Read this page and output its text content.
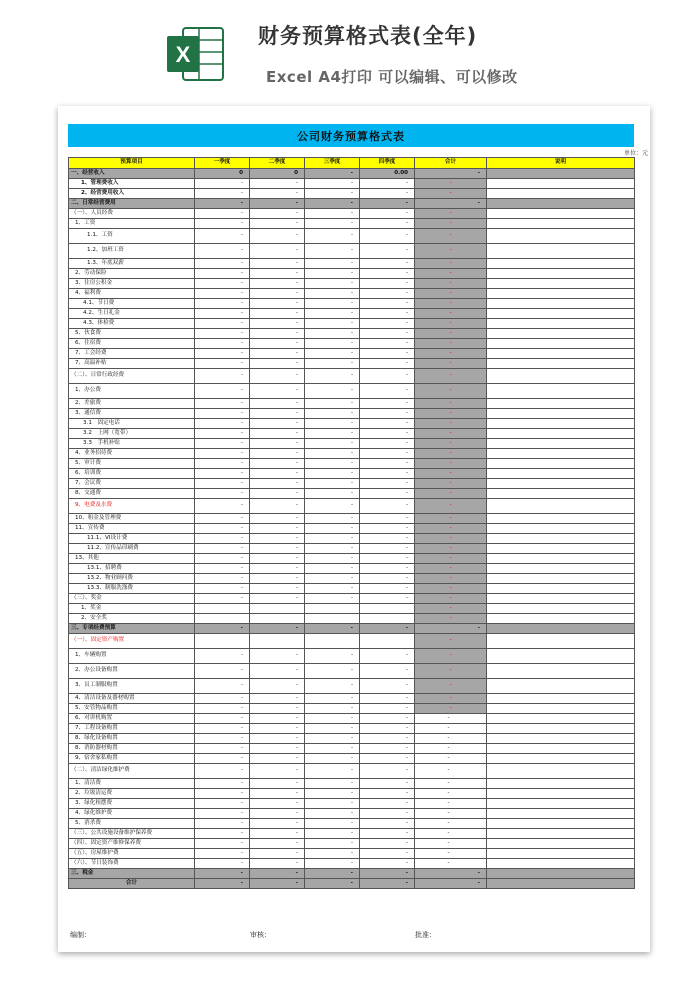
X
财务预算格式表(全年)
Excel A4打印 可以编辑、可以修改
公司财务预算格式表
单位：元
预算项目	一季度	二季度	三季度	四季度	合计	说明
一、经营收入	0	0	-	0.00	-	
1、管理费收入	-	-	-	-	-	
2、经营费用收入	-	-	-	-	-	
二、日常经营费用	-	-	-	-	-	
（一）、人员经费	-	-	-	-	-	
1、工资	-	-	-	-	-	
1.1、工资	-	-	-	-	-	
1.2、加班工资	-	-	-	-	-	
1.3、年底双薪	-	-	-	-	-	
2、劳动保险	-	-	-	-	-	
3、住房公积金	-	-	-	-	-	
4、福利费	-	-	-	-	-	
4.1、节日费	-	-	-	-	-	
4.2、生日礼金	-	-	-	-	-	
4.3、体检费	-	-	-	-	-	
5、伙食费	-	-	-	-	-	
6、住宿费	-	-	-	-	-	
7、工会经费	-	-	-	-	-	
7、高温补贴	-	-	-	-	-	
（二）、日常行政经费	-	-	-	-	-	
1、办公费	-	-	-	-	-	
2、差旅费	-	-	-	-	-	
3、通信费	-	-	-	-	-	
3.1　固定电话	-	-	-	-	-	
3.2　上网（宽带）	-	-	-	-	-	
3.3　手机补贴	-	-	-	-	-	
4、业务招待费	-	-	-	-	-	
5、审计费	-	-	-	-	-	
6、培训费	-	-	-	-	-	
7、会议费	-	-	-	-	-	
8、交通费	-	-	-	-	-	
9、电费及水费	-	-	-	-	-	
10、租金及管理费	-	-	-	-	-	
11、宣传费	-	-	-	-	-	
11.1、VI设计费	-	-	-	-	-	
11.2、宣传品印刷费	-	-	-	-	-	
13、其他	-	-	-	-	-	
13.1、招聘费	-	-	-	-	-	
13.2、物业顾问费	-	-	-	-	-	
13.3、制服洗涤费	-	-	-	-	-	
（三）、奖金	-	-	-	-	-	
1、奖金					-	
2、安全奖					-	
三、专项经费预算	-	-	-	-	-	
（一）、固定资产购置					-	
1、车辆购置	-	-	-	-	-	
2、办公设备购置	-	-	-	-	-	
3、员工制服购置	-	-	-	-	-	
4、清洁设备及器材购置	-	-	-	-	-	
5、安管物品购置	-	-	-	-	-	
6、对讲机购置	-	-	-	-	-	
7、工程设备购置	-	-	-	-	-	
8、绿化设备购置	-	-	-	-	-	
8、消防器材购置	-	-	-	-	-	
9、宿舍家私购置	-	-	-	-	-	
（二）、清洁绿化维护费	-	-	-	-	-	
1、清洁费	-	-	-	-	-	
2、垃圾清运费	-	-	-	-	-	
3、绿化租摆费	-	-	-	-	-	
4、绿化维护费	-	-	-	-	-	
5、消杀费	-	-	-	-	-	
（三）、公共设施设备维护保养费	-	-	-	-	-	
（四）、固定资产维修保养费	-	-	-	-	-	
（五）、房屋维护费	-	-	-	-	-	
（六）、节日装饰费	-	-	-	-	-	
三、税金	-	-	-	-	-	
合计	-	-	-	-	-	
编制：	审核：	批准：
